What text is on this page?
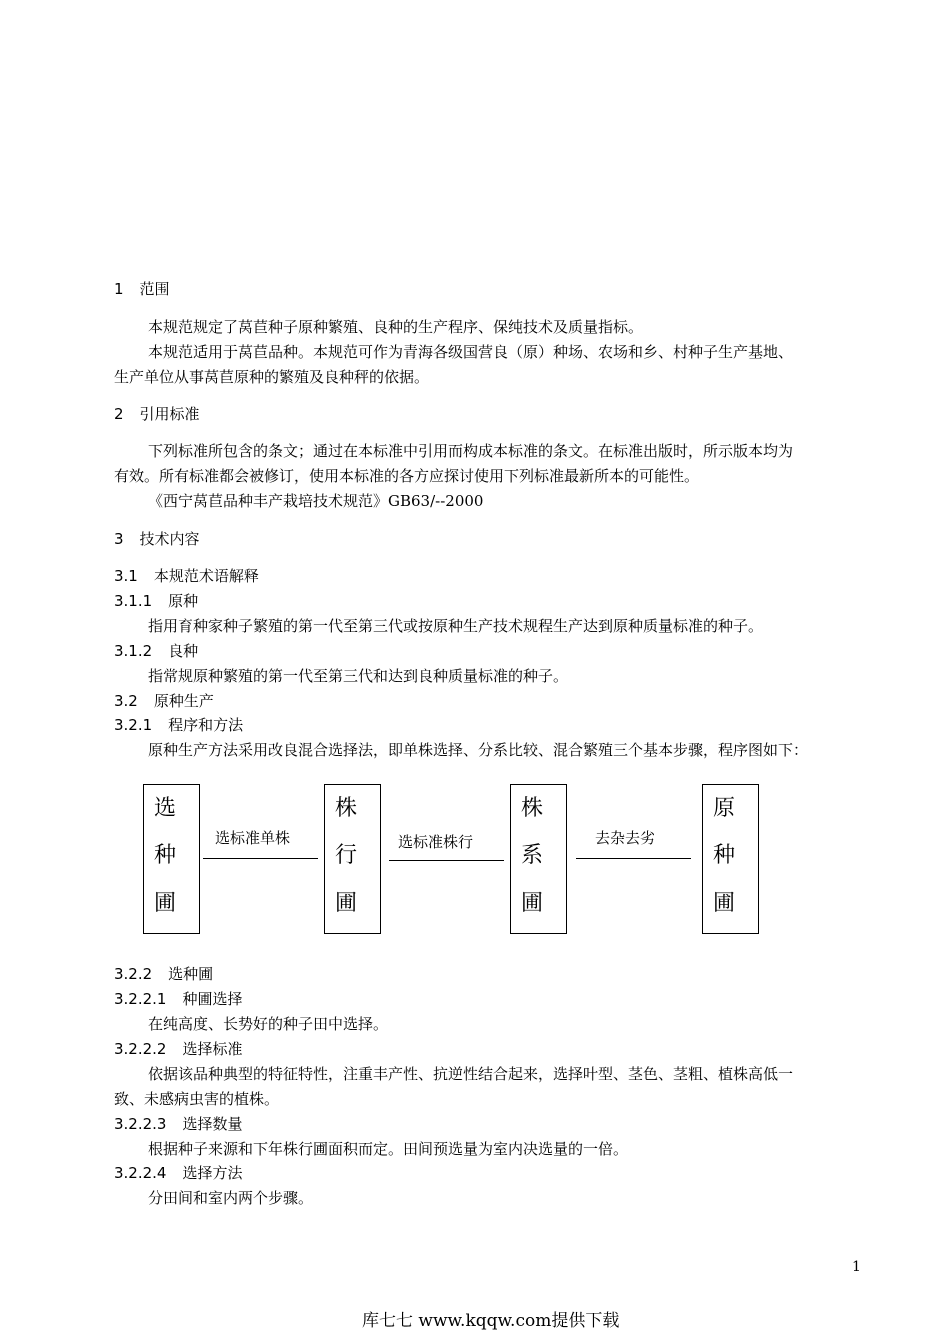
1 范围
本规范规定了莴苣种子原种繁殖、良种的生产程序、保纯技术及质量指标。
本规范适用于莴苣品种。本规范可作为青海各级国营良（原）种场、农场和乡、村种子生产基地、
生产单位从事莴苣原种的繁殖及良种秤的依据。
2 引用标准
下列标准所包含的条文；通过在本标准中引用而构成本标准的条文。在标准出版时，所示版本均为
有效。所有标准都会被修订，使用本标准的各方应探讨使用下列标准最新所本的可能性。
《西宁莴苣品种丰产栽培技术规范》GB63/--2000
3 技术内容
3.1 本规范术语解释
3.1.1 原种
指用育种家种子繁殖的第一代至第三代或按原种生产技术规程生产达到原种质量标准的种子。
3.1.2 良种
指常规原种繁殖的第一代至第三代和达到良种质量标准的种子。
3.2 原种生产
3.2.1 程序和方法
原种生产方法采用改良混合选择法，即单株选择、分系比较、混合繁殖三个基本步骤，程序图如下：
选
种
圃
选标准单株
株
行
圃
选标准株行
株
系
圃
去杂去劣
原
种
圃
3.2.2 选种圃
3.2.2.1 种圃选择
在纯高度、长势好的种子田中选择。
3.2.2.2 选择标准
依据该品种典型的特征特性，注重丰产性、抗逆性结合起来，选择叶型、茎色、茎粗、植株高低一
致、未感病虫害的植株。
3.2.2.3 选择数量
根据种子来源和下年株行圃面积而定。田间预选量为室内决选量的一倍。
3.2.2.4 选择方法
分田间和室内两个步骤。
1
库七七 www.kqqw.com提供下载
